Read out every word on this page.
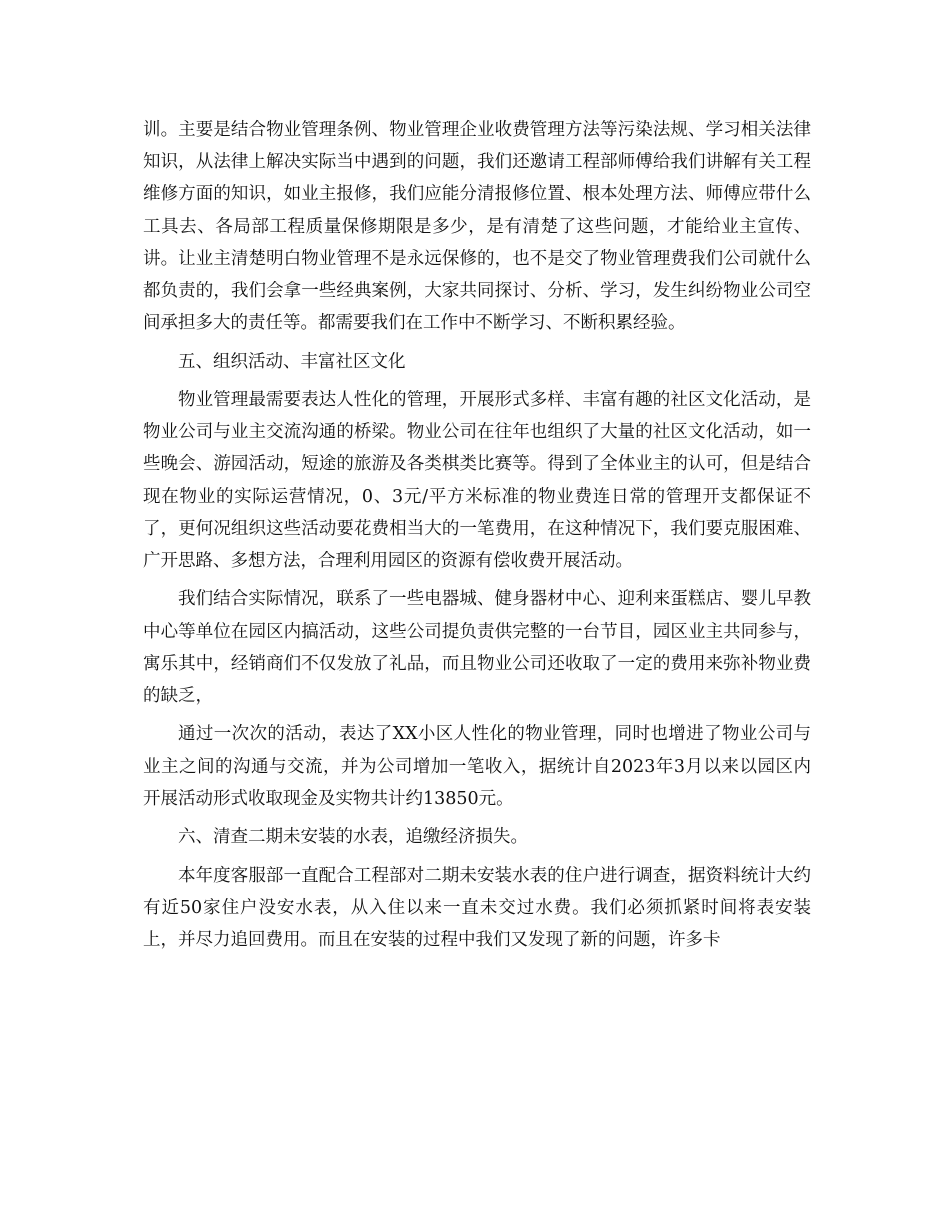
训。主要是结合物业管理条例、物业管理企业收费管理方法等污染法规、学习相关法律知识，从法律上解决实际当中遇到的问题，我们还邀请工程部师傅给我们讲解有关工程维修方面的知识，如业主报修，我们应能分清报修位置、根本处理方法、师傅应带什么工具去、各局部工程质量保修期限是多少，是有清楚了这些问题，才能给业主宣传、讲。让业主清楚明白物业管理不是永远保修的，也不是交了物业管理费我们公司就什么都负责的，我们会拿一些经典案例，大家共同探讨、分析、学习，发生纠纷物业公司空间承担多大的责任等。都需要我们在工作中不断学习、不断积累经验。

五、组织活动、丰富社区文化

物业管理最需要表达人性化的管理，开展形式多样、丰富有趣的社区文化活动，是物业公司与业主交流沟通的桥梁。物业公司在往年也组织了大量的社区文化活动，如一些晚会、游园活动，短途的旅游及各类棋类比赛等。得到了全体业主的认可，但是结合现在物业的实际运营情况，0、3元/平方米标准的物业费连日常的管理开支都保证不了，更何况组织这些活动要花费相当大的一笔费用，在这种情况下，我们要克服困难、广开思路、多想方法，合理利用园区的资源有偿收费开展活动。

我们结合实际情况，联系了一些电器城、健身器材中心、迎利来蛋糕店、婴儿早教中心等单位在园区内搞活动，这些公司提负责供完整的一台节目，园区业主共同参与，寓乐其中，经销商们不仅发放了礼品，而且物业公司还收取了一定的费用来弥补物业费的缺乏，

通过一次次的活动，表达了XX小区人性化的物业管理，同时也增进了物业公司与业主之间的沟通与交流，并为公司增加一笔收入，据统计自2023年3月以来以园区内开展活动形式收取现金及实物共计约13850元。

六、清查二期未安装的水表，追缴经济损失。

本年度客服部一直配合工程部对二期未安装水表的住户进行调查，据资料统计大约有近50家住户没安水表，从入住以来一直未交过水费。我们必须抓紧时间将表安装上，并尽力追回费用。而且在安装的过程中我们又发现了新的问题，许多卡
